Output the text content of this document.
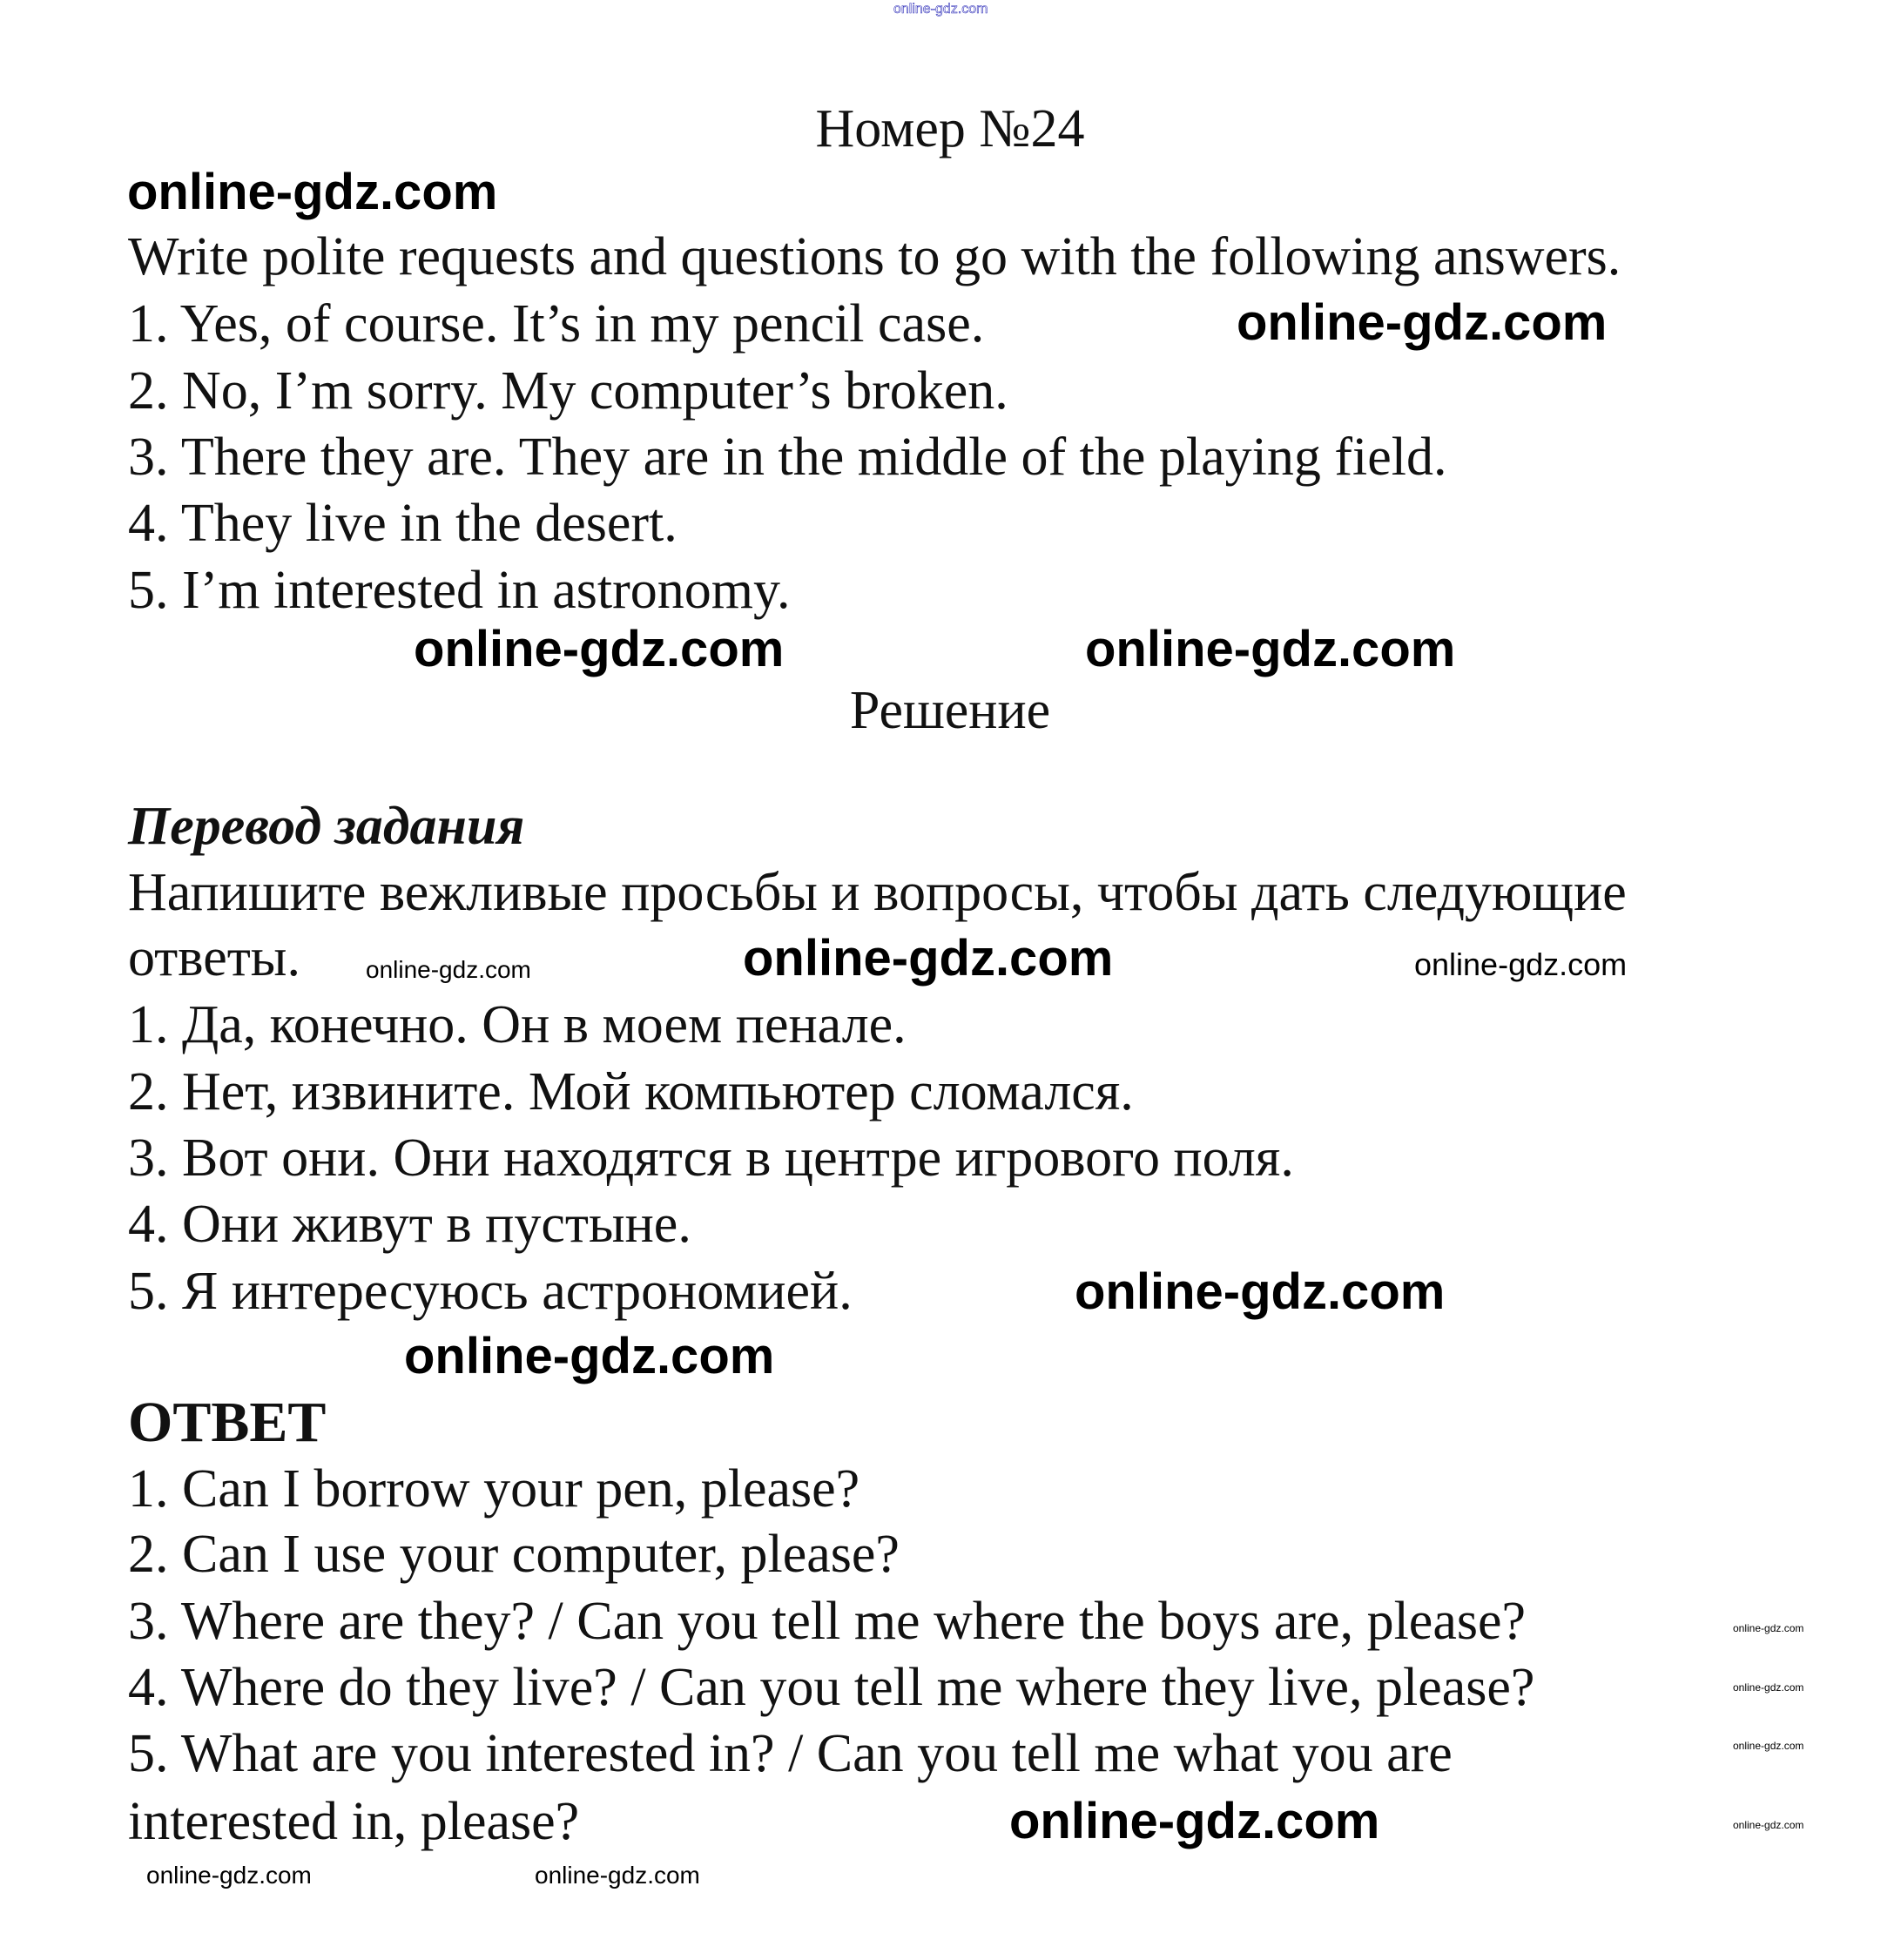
online-gdz.com
Номер №24
Write polite requests and questions to go with the following answers.
1. Yes, of course. It’s in my pencil case.
2. No, I’m sorry. My computer’s broken.
3. There they are. They are in the middle of the playing field.
4. They live in the desert.
5. I’m interested in astronomy.
Решение
Перевод задания
Напишите вежливые просьбы и вопросы, чтобы дать следующие
ответы.
1. Да, конечно. Он в моем пенале.
2. Нет, извините. Мой компьютер сломался.
3. Вот они. Они находятся в центре игрового поля.
4. Они живут в пустыне.
5. Я интересуюсь астрономией.
ОТВЕТ
1. Can I borrow your pen, please?
2. Can I use your computer, please?
3. Where are they? / Can you tell me where the boys are, please?
4. Where do they live? / Can you tell me where they live, please?
5. What are you interested in? / Can you tell me what you are
interested in, please?
online-gdz.com
online-gdz.com
online-gdz.com	online-gdz.com
online-gdz.com	online-gdz.com
online-gdz.com
online-gdz.com
online-gdz.com
online-gdz.com
online-gdz.com
online-gdz.com
online-gdz.com
online-gdz.com
online-gdz.com
online-gdz.com
